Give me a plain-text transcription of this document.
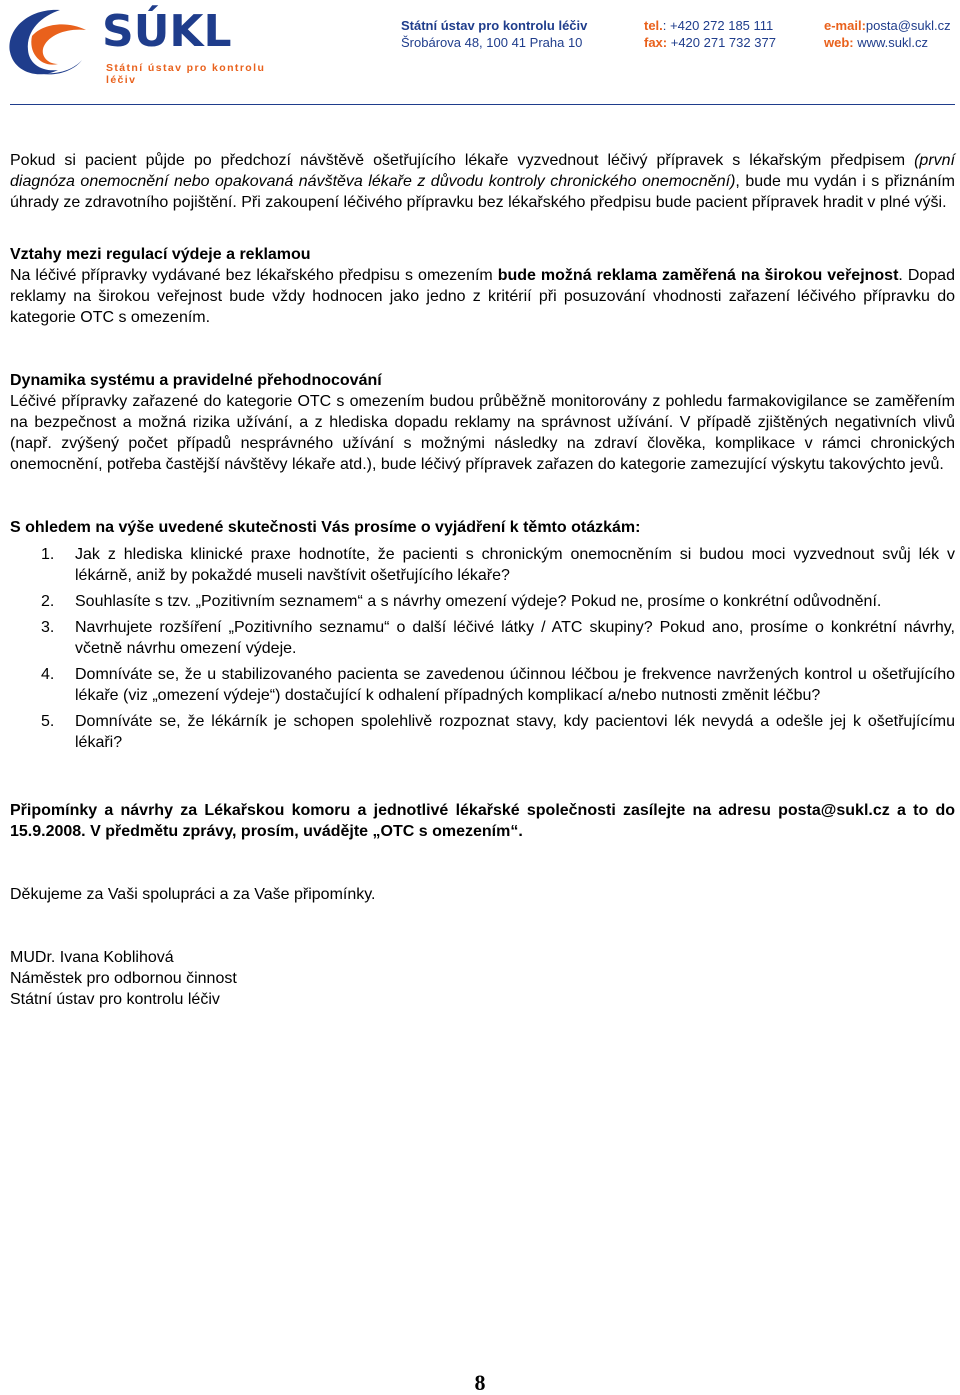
SÚKL
Státní ústav pro kontrolu léčiv
Státní ústav pro kontrolu léčiv
Šrobárova 48, 100 41 Praha 10
tel.: +420 272 185 111
fax: +420 271 732 377
e-mail:posta@sukl.cz
web: www.sukl.cz

Pokud si pacient půjde po předchozí návštěvě ošetřujícího lékaře vyzvednout léčivý přípravek s lékařským předpisem (první diagnóza onemocnění nebo opakovaná návštěva lékaře z důvodu kontroly chronického onemocnění), bude mu vydán i s přiznáním úhrady ze zdravotního pojištění. Při zakoupení léčivého přípravku bez lékařského předpisu bude pacient přípravek hradit v plné výši.

Vztahy mezi regulací výdeje a reklamou

Na léčivé přípravky vydávané bez lékařského předpisu s omezením bude možná reklama zaměřená na širokou veřejnost. Dopad reklamy na širokou veřejnost bude vždy hodnocen jako jedno z kritérií při posuzování vhodnosti zařazení léčivého přípravku do kategorie OTC s omezením.

Dynamika systému a pravidelné přehodnocování

Léčivé přípravky zařazené do kategorie OTC s omezením budou průběžně monitorovány z pohledu farmakovigilance se zaměřením na bezpečnost a možná rizika užívání, a z hlediska dopadu reklamy na správnost užívání. V případě zjištěných negativních vlivů (např. zvýšený počet případů nesprávného užívání s možnými následky na zdraví člověka, komplikace v rámci chronických onemocnění, potřeba častější návštěvy lékaře atd.), bude léčivý přípravek zařazen do kategorie zamezující výskytu takovýchto jevů.

S ohledem na výše uvedené skutečnosti Vás prosíme o vyjádření k těmto otázkám:

1. Jak z hlediska klinické praxe hodnotíte, že pacienti s chronickým onemocněním si budou moci vyzvednout svůj lék v lékárně, aniž by pokaždé museli navštívit ošetřujícího lékaře?
2. Souhlasíte s tzv. „Pozitivním seznamem“ a s návrhy omezení výdeje? Pokud ne, prosíme o konkrétní odůvodnění.
3. Navrhujete rozšíření „Pozitivního seznamu“ o další léčivé látky / ATC skupiny? Pokud ano, prosíme o konkrétní návrhy, včetně návrhu omezení výdeje.
4. Domníváte se, že u stabilizovaného pacienta se zavedenou účinnou léčbou je frekvence navržených kontrol u ošetřujícího lékaře (viz „omezení výdeje“) dostačující k odhalení případných komplikací a/nebo nutnosti změnit léčbu?
5. Domníváte se, že lékárník je schopen spolehlivě rozpoznat stavy, kdy pacientovi lék nevydá a odešle jej k ošetřujícímu lékaři?

Připomínky a návrhy za Lékařskou komoru a jednotlivé lékařské společnosti zasílejte na adresu posta@sukl.cz a to do 15.9.2008. V předmětu zprávy, prosím, uvádějte „OTC s omezením“.

Děkujeme za Vaši spolupráci a za Vaše připomínky.

MUDr. Ivana Koblihová

Náměstek pro odbornou činnost

Státní ústav pro kontrolu léčiv

8
